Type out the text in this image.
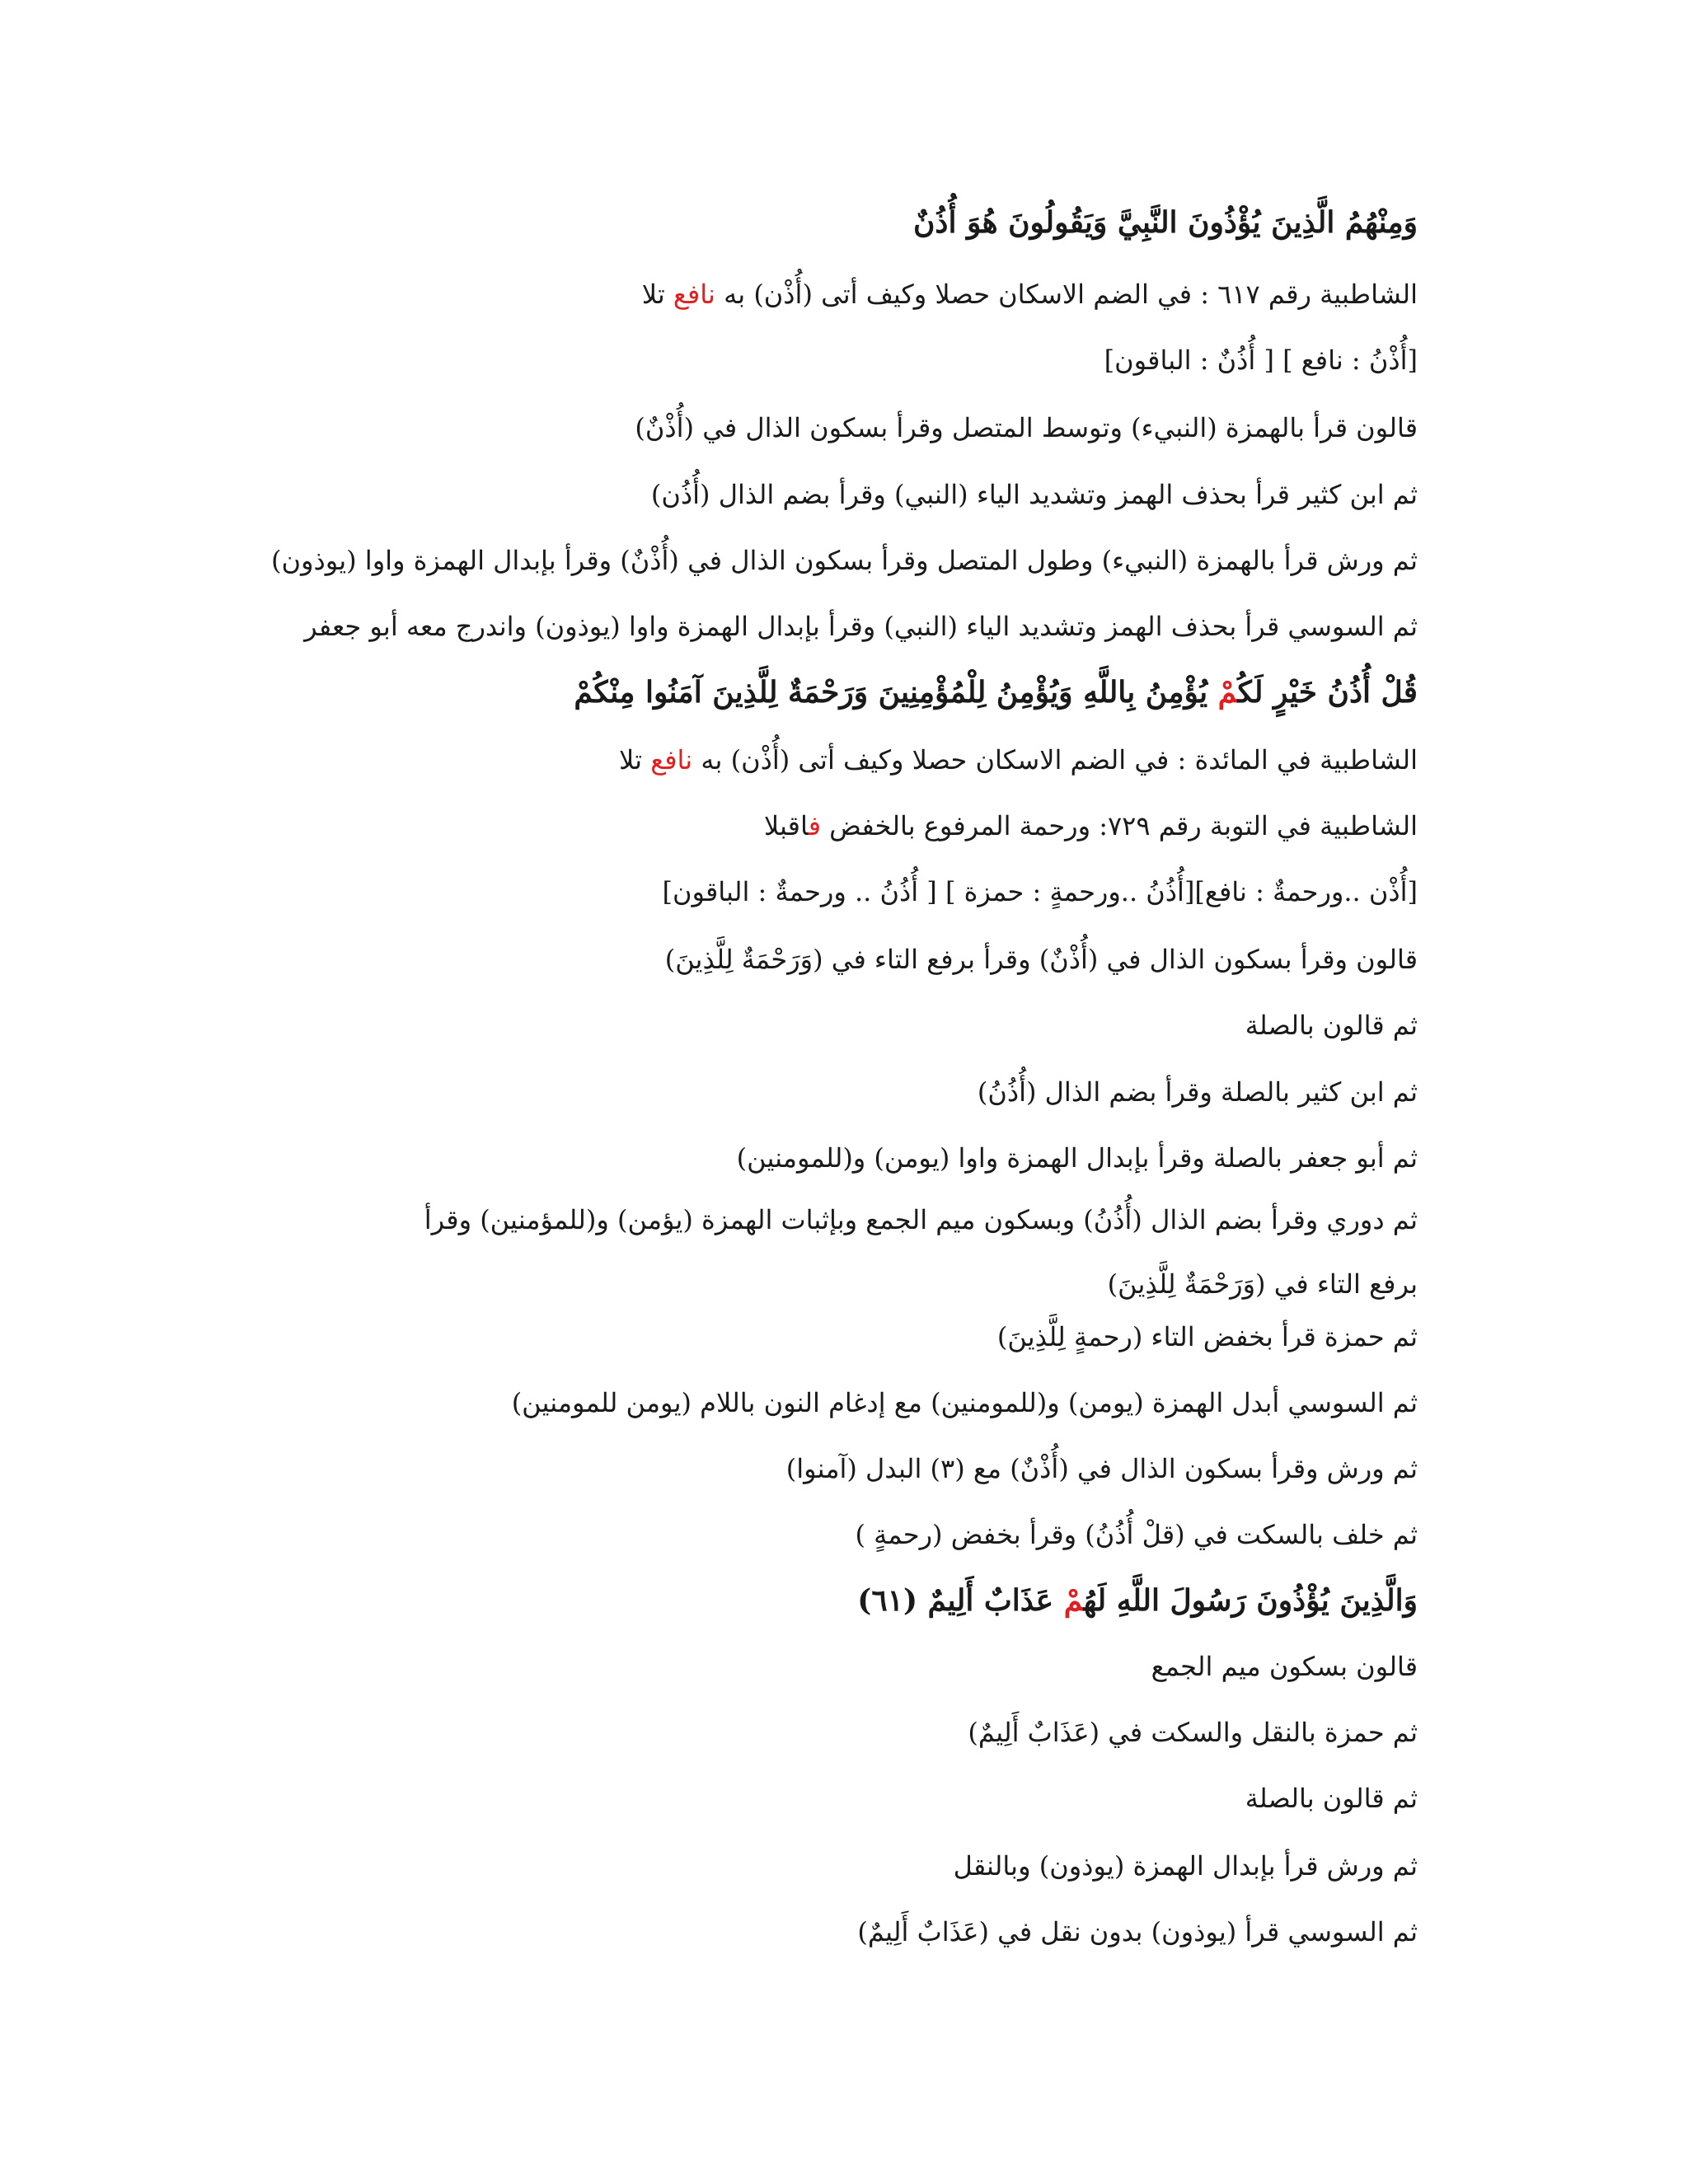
وَمِنْهُمُ الَّذِينَ يُؤْذُونَ النَّبِيَّ وَيَقُولُونَ هُوَ أُذُنٌ
الشاطبية رقم ٦١٧ : في الضم الاسكان حصلا وكيف أتى (أُذْن) به نافع تلا
[أُذْنُ : نافع ] [ أُذُنٌ : الباقون]
قالون قرأ بالهمزة (النبيء) وتوسط المتصل وقرأ بسكون الذال في (أُذْنٌ)
ثم ابن كثير قرأ بحذف الهمز وتشديد الياء (النبي) وقرأ بضم الذال (أُذُن)
ثم ورش قرأ بالهمزة (النبيء) وطول المتصل وقرأ بسكون الذال في (أُذْنٌ) وقرأ بإبدال الهمزة واوا (يوذون)
ثم السوسي قرأ بحذف الهمز وتشديد الياء (النبي) وقرأ بإبدال الهمزة واوا (يوذون) واندرج معه أبو جعفر
قُلْ أُذُنُ خَيْرٍ لَكُمْ يُؤْمِنُ بِاللَّهِ وَيُؤْمِنُ لِلْمُؤْمِنِينَ وَرَحْمَةٌ لِلَّذِينَ آمَنُوا مِنْكُمْ
الشاطبية في المائدة : في الضم الاسكان حصلا وكيف أتى (أُذْن) به نافع تلا
الشاطبية في التوبة رقم ٧٢٩: ورحمة المرفوع بالخفض فاقبلا
[أُذْن ..ورحمةٌ : نافع][أُذُنُ ..ورحمةٍ : حمزة ] [ أُذُنُ .. ورحمةٌ : الباقون]
قالون وقرأ بسكون الذال في (أُذْنٌ) وقرأ برفع التاء في (وَرَحْمَةٌ لِلَّذِينَ)
ثم قالون بالصلة
ثم ابن كثير بالصلة وقرأ بضم الذال (أُذُنُ)
ثم أبو جعفر بالصلة وقرأ بإبدال الهمزة واوا (يومن) و(للمومنين)
ثم دوري وقرأ بضم الذال (أُذُنُ) وبسكون ميم الجمع وبإثبات الهمزة (يؤمن) و(للمؤمنين) وقرأ برفع التاء في (وَرَحْمَةٌ لِلَّذِينَ)
ثم حمزة قرأ بخفض التاء (رحمةٍ لِلَّذِينَ)
ثم السوسي أبدل الهمزة (يومن) و(للمومنين) مع إدغام النون باللام (يومن للمومنين)
ثم ورش وقرأ بسكون الذال في (أُذْنٌ) مع (٣) البدل (آمنوا)
ثم خلف بالسكت في (قلْ أُذُنُ) وقرأ بخفض (رحمةٍ )
وَالَّذِينَ يُؤْذُونَ رَسُولَ اللَّهِ لَهُمْ عَذَابٌ أَلِيمٌ (٦١)
قالون بسكون ميم الجمع
ثم حمزة بالنقل والسكت في (عَذَابٌ أَلِيمٌ)
ثم قالون بالصلة
ثم ورش قرأ بإبدال الهمزة (يوذون) وبالنقل
ثم السوسي قرأ (يوذون) بدون نقل في (عَذَابٌ أَلِيمٌ)
